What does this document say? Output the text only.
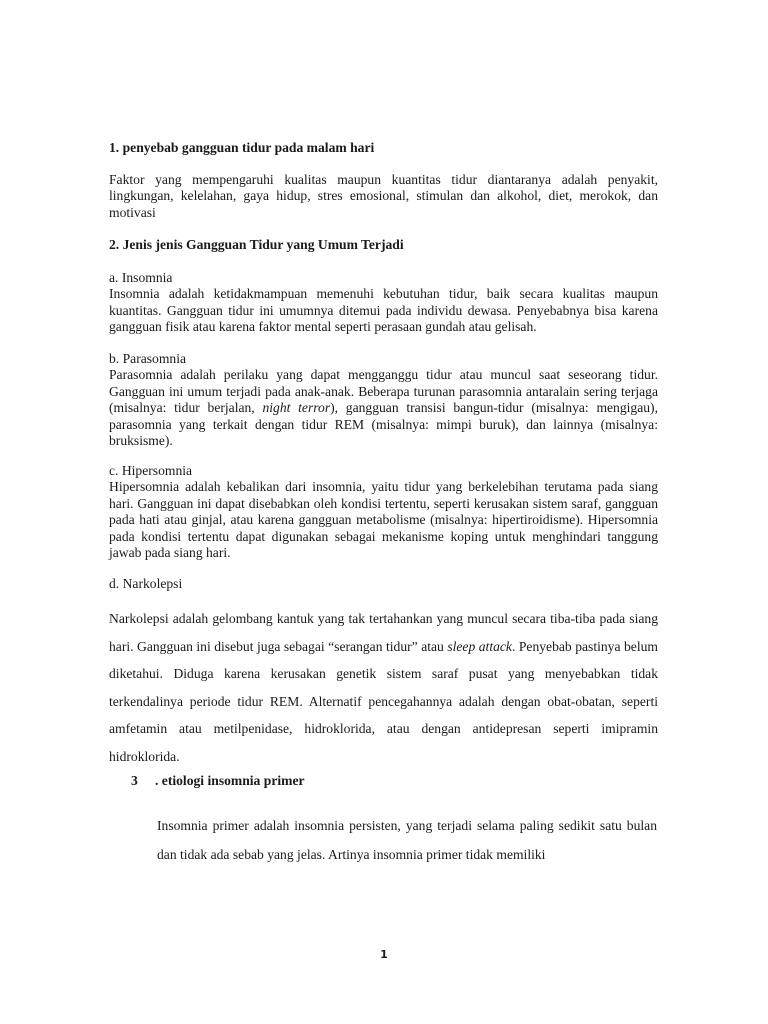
1. penyebab gangguan tidur pada malam hari
Faktor yang mempengaruhi kualitas maupun kuantitas tidur diantaranya adalah penyakit, lingkungan, kelelahan, gaya hidup, stres emosional, stimulan dan alkohol, diet, merokok, dan motivasi
2. Jenis jenis Gangguan Tidur yang Umum Terjadi
a. Insomnia
Insomnia adalah ketidakmampuan memenuhi kebutuhan tidur, baik secara kualitas maupun kuantitas. Gangguan tidur ini umumnya ditemui pada individu dewasa. Penyebabnya bisa karena gangguan fisik atau karena faktor mental seperti perasaan gundah atau gelisah.
b. Parasomnia
Parasomnia adalah perilaku yang dapat mengganggu tidur atau muncul saat seseorang tidur. Gangguan ini umum terjadi pada anak-anak. Beberapa turunan parasomnia antaralain sering terjaga (misalnya: tidur berjalan, night terror), gangguan transisi bangun-tidur (misalnya: mengigau), parasomnia yang terkait dengan tidur REM (misalnya: mimpi buruk), dan lainnya (misalnya: bruksisme).
c. Hipersomnia
Hipersomnia adalah kebalikan dari insomnia, yaitu tidur yang berkelebihan terutama pada siang hari. Gangguan ini dapat disebabkan oleh kondisi tertentu, seperti kerusakan sistem saraf, gangguan pada hati atau ginjal, atau karena gangguan metabolisme (misalnya: hipertiroidisme). Hipersomnia pada kondisi tertentu dapat digunakan sebagai mekanisme koping untuk menghindari tanggung jawab pada siang hari.
d. Narkolepsi
Narkolepsi adalah gelombang kantuk yang tak tertahankan yang muncul secara tiba-tiba pada siang hari. Gangguan ini disebut juga sebagai “serangan tidur” atau sleep attack. Penyebab pastinya belum diketahui. Diduga karena kerusakan genetik sistem saraf pusat yang menyebabkan tidak terkendalinya periode tidur REM. Alternatif pencegahannya adalah dengan obat-obatan, seperti amfetamin atau metilpenidase, hidroklorida, atau dengan antidepresan seperti imipramin hidroklorida.
3 . etiologi insomnia primer
Insomnia primer adalah insomnia persisten, yang terjadi selama paling sedikit satu bulan dan tidak ada sebab yang jelas. Artinya insomnia primer tidak memiliki
1
